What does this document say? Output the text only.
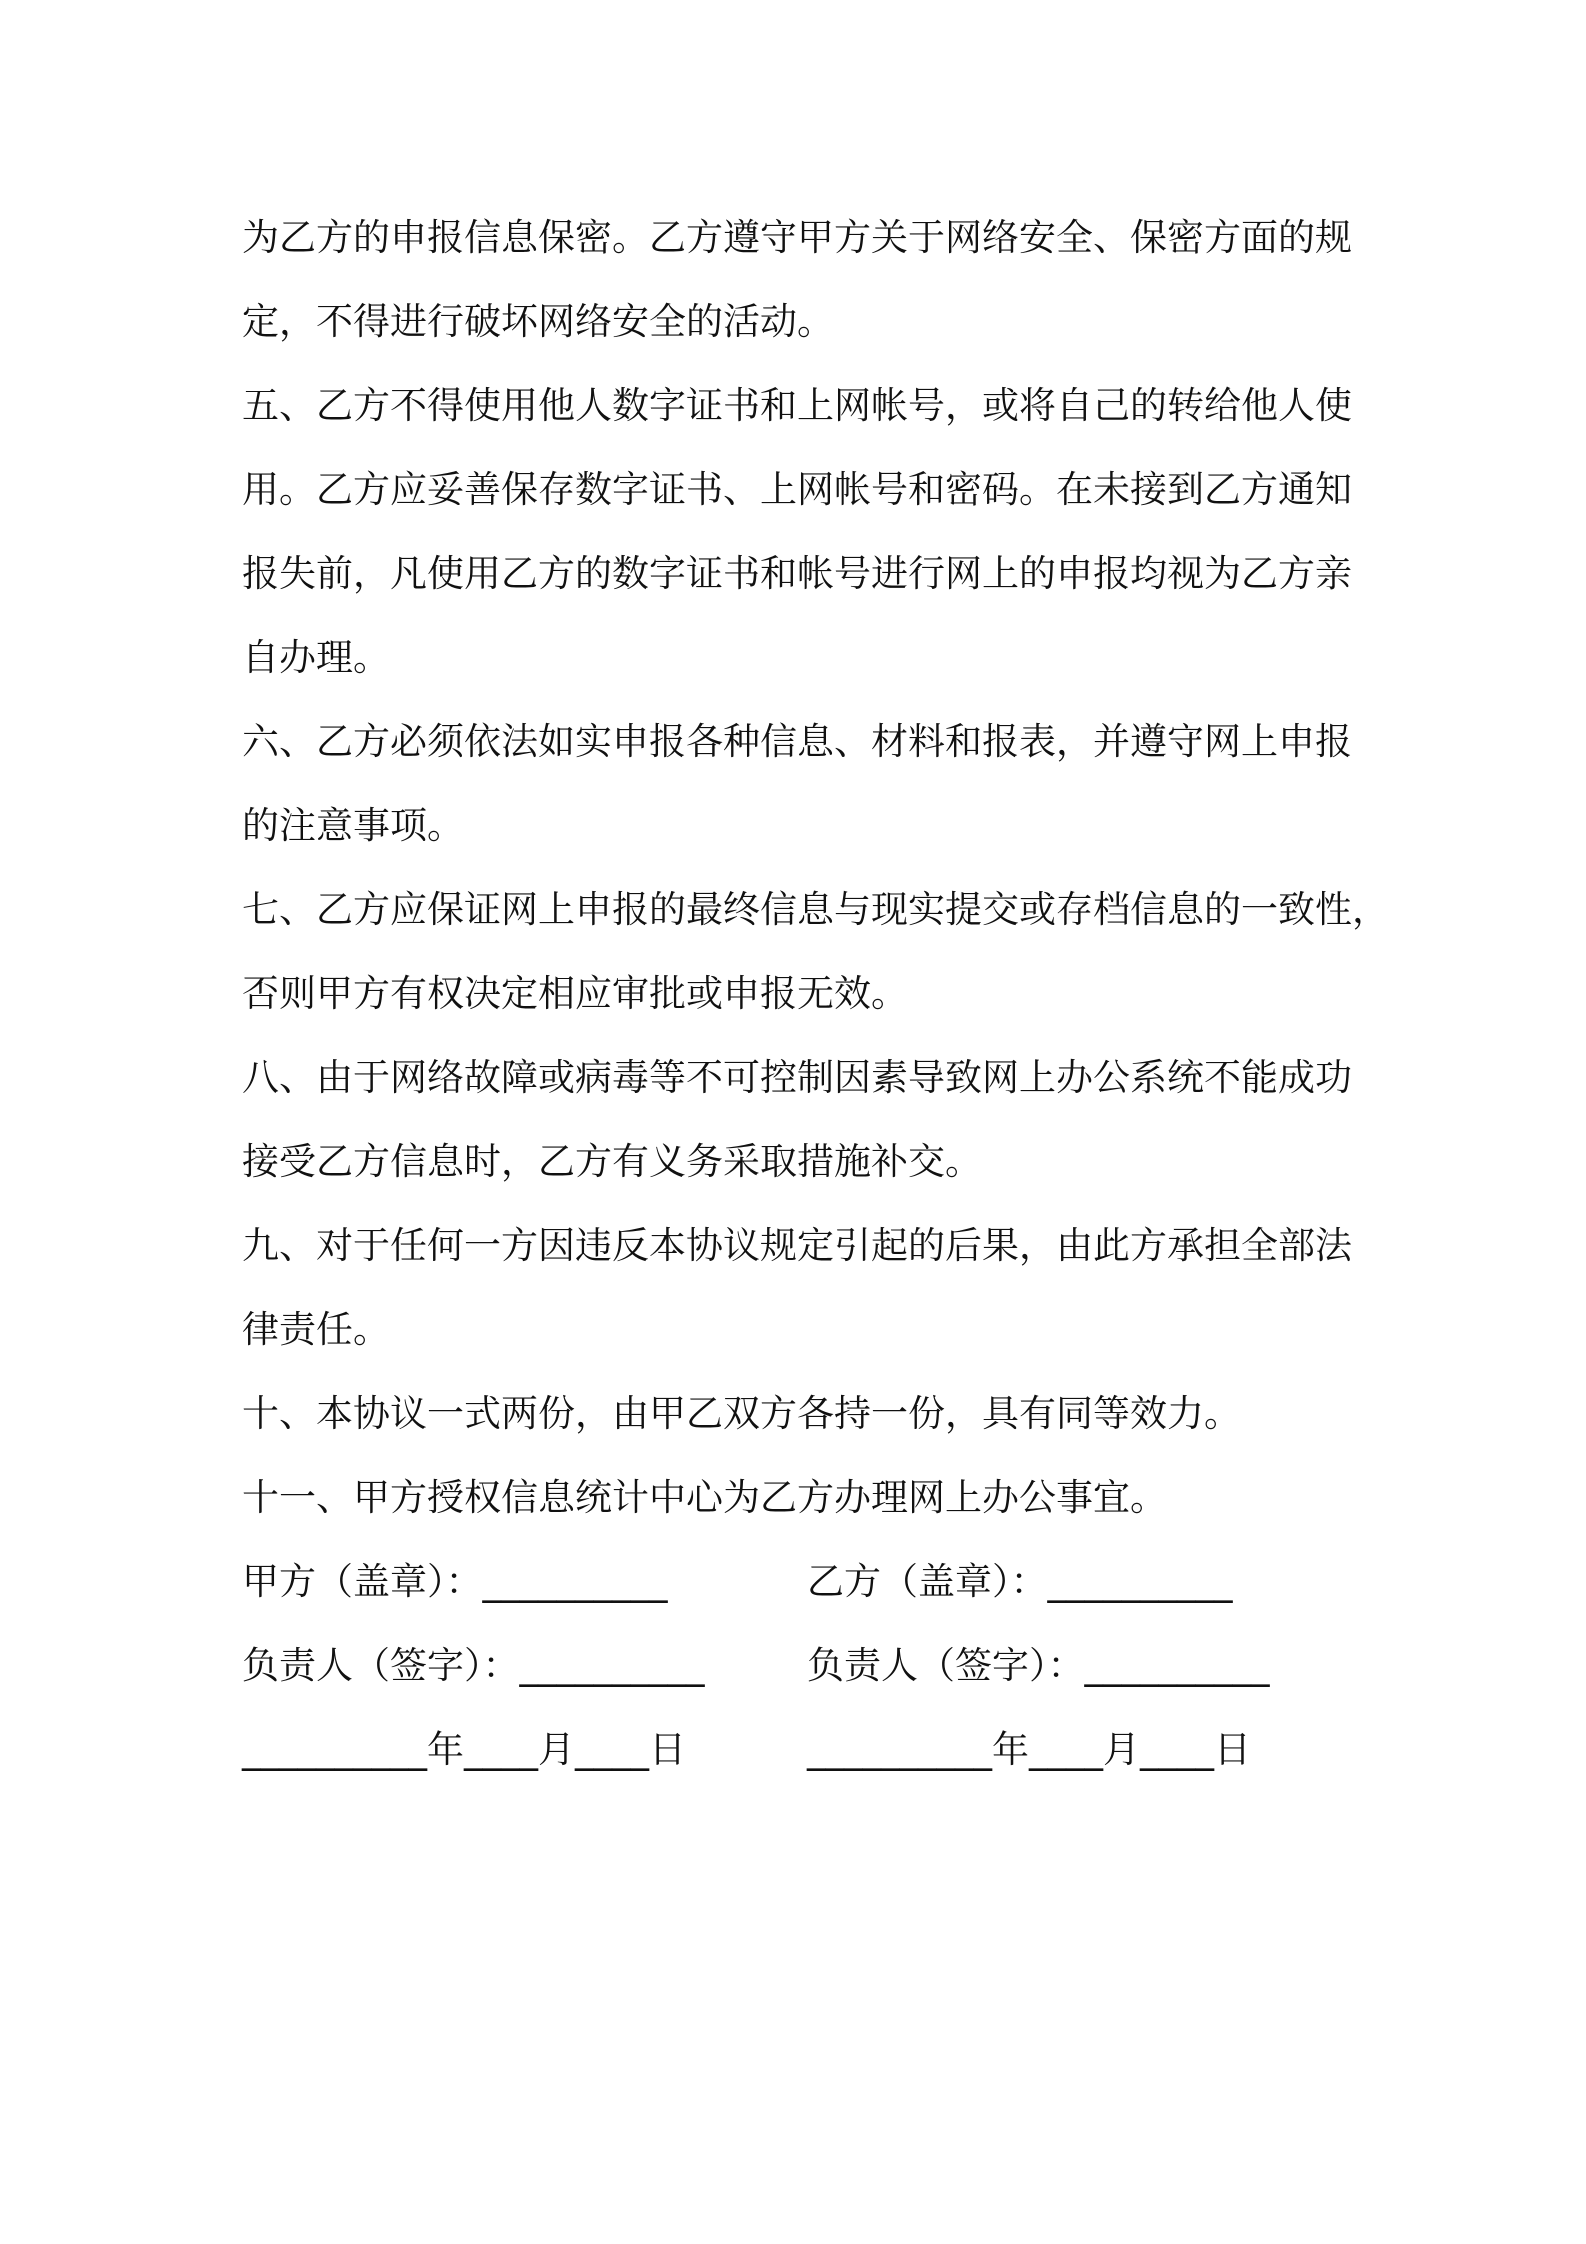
为乙方的申报信息保密。乙方遵守甲方关于网络安全、保密方面的规
定，不得进行破坏网络安全的活动。
五、乙方不得使用他人数字证书和上网帐号，或将自己的转给他人使
用。乙方应妥善保存数字证书、上网帐号和密码。在未接到乙方通知
报失前，凡使用乙方的数字证书和帐号进行网上的申报均视为乙方亲
自办理。
六、乙方必须依法如实申报各种信息、材料和报表，并遵守网上申报
的注意事项。
七、乙方应保证网上申报的最终信息与现实提交或存档信息的一致性，
否则甲方有权决定相应审批或申报无效。
八、由于网络故障或病毒等不可控制因素导致网上办公系统不能成功
接受乙方信息时，乙方有义务采取措施补交。
九、对于任何一方因违反本协议规定引起的后果，由此方承担全部法
律责任。
十、本协议一式两份，由甲乙双方各持一份，具有同等效力。
十一、甲方授权信息统计中心为乙方办理网上办公事宜。
甲方（盖章）：__________	乙方（盖章）：__________
负责人（签字）：__________	负责人（签字）：__________
__________年____月____日	__________年____月____日
